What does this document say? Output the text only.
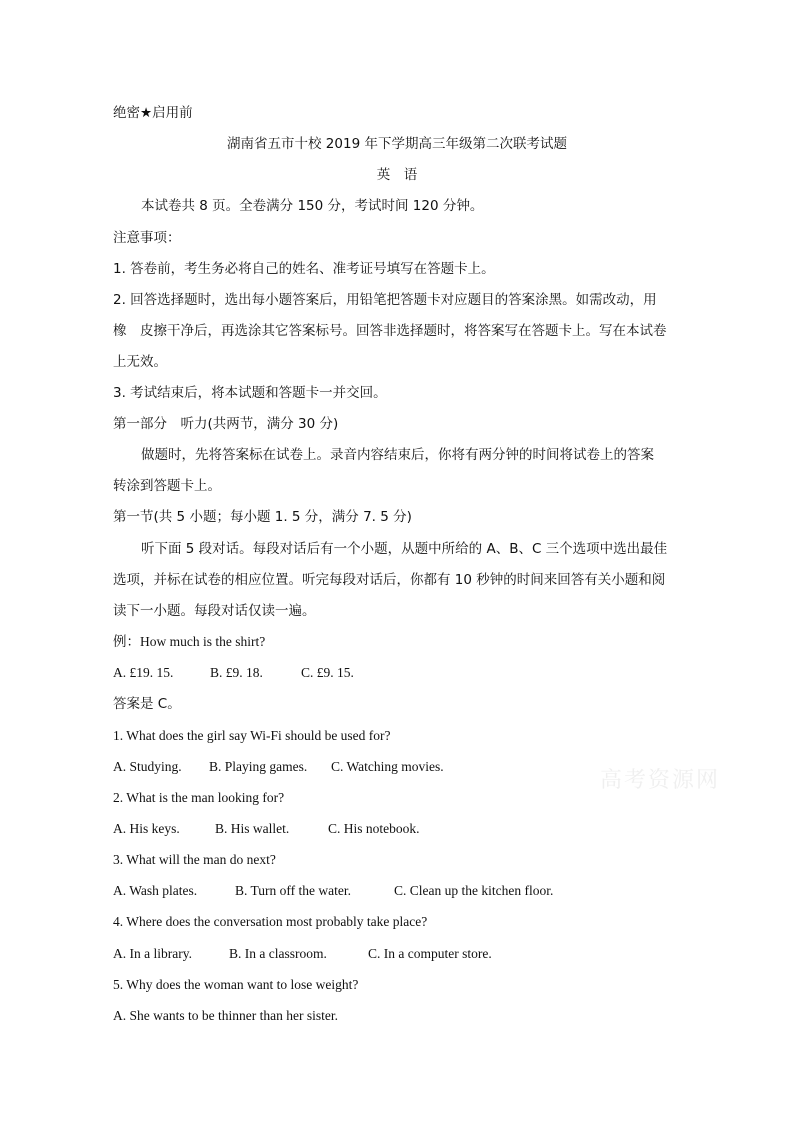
绝密★启用前

湖南省五市十校 2019 年下学期高三年级第二次联考试题

英　语

本试卷共 8 页。全卷满分 150 分，考试时间 120 分钟。

注意事项：

1. 答卷前，考生务必将自己的姓名、准考证号填写在答题卡上。

2. 回答选择题时，选出每小题答案后，用铅笔把答题卡对应题目的答案涂黑。如需改动，用

橡　皮擦干净后，再选涂其它答案标号。回答非选择题时，将答案写在答题卡上。写在本试卷

上无效。

3. 考试结束后，将本试题和答题卡一并交回。

第一部分　听力(共两节，满分 30 分)

做题时，先将答案标在试卷上。录音内容结束后，你将有两分钟的时间将试卷上的答案

转涂到答题卡上。

第一节(共 5 小题；每小题 1. 5 分，满分 7. 5 分)

听下面 5 段对话。每段对话后有一个小题，从题中所给的 A、B、C 三个选项中选出最佳

选项，并标在试卷的相应位置。听完每段对话后，你都有 10 秒钟的时间来回答有关小题和阅

读下一小题。每段对话仅读一遍。

例：How much is the shirt?

A. £19. 15.	B. £9. 18.	C. £9. 15.

答案是 C。

1. What does the girl say Wi-Fi should be used for?

A. Studying. B. Playing games. C. Watching movies.

2. What is the man looking for?

A. His keys.	B. His wallet.	C. His notebook.

3. What will the man do next?

A. Wash plates.	B. Turn off the water.	C. Clean up the kitchen floor.

4. Where does the conversation most probably take place?

A. In a library.	B. In a classroom.	C. In a computer store.

5. Why does the woman want to lose weight?

A. She wants to be thinner than her sister.

高考资源网
